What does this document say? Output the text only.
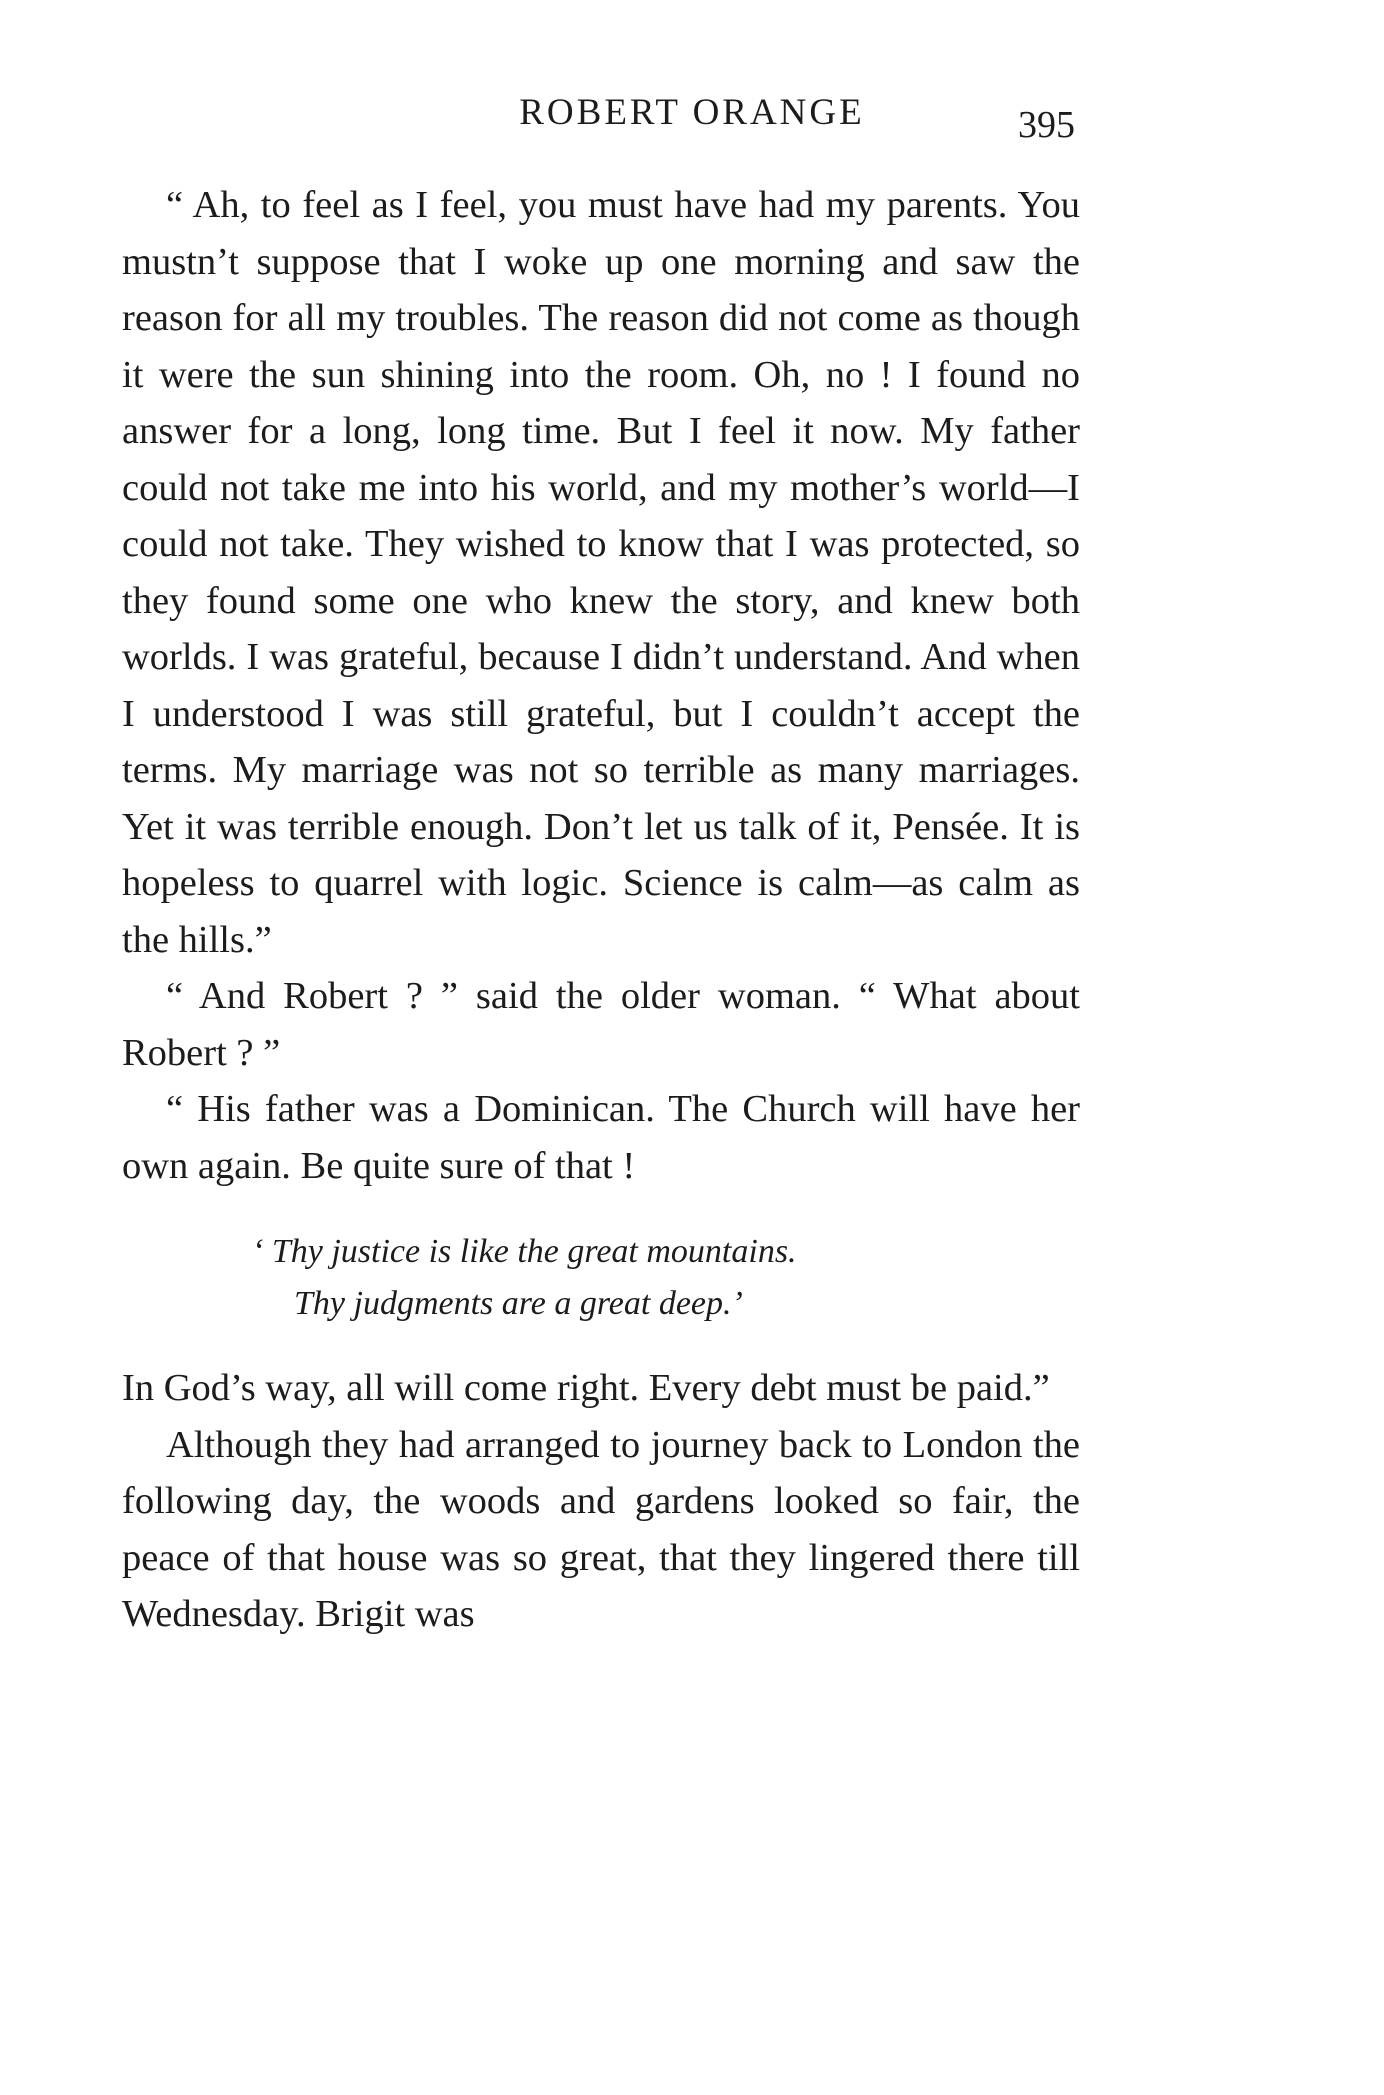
ROBERT ORANGE	395

“ Ah, to feel as I feel, you must have had my parents. You mustn’t suppose that I woke up one morning and saw the reason for all my troubles. The reason did not come as though it were the sun shining into the room. Oh, no ! I found no answer for a long, long time. But I feel it now. My father could not take me into his world, and my mother’s world—I could not take. They wished to know that I was protected, so they found some one who knew the story, and knew both worlds. I was grateful, because I didn’t understand. And when I understood I was still grateful, but I couldn’t accept the terms. My marriage was not so terrible as many marriages. Yet it was terrible enough. Don’t let us talk of it, Pensée. It is hopeless to quarrel with logic. Science is calm—as calm as the hills.”

“ And Robert ? ” said the older woman. “ What about Robert ? ”

“ His father was a Dominican. The Church will have her own again. Be quite sure of that !

‘ Thy justice is like the great mountains.
Thy judgments are a great deep.’

In God’s way, all will come right. Every debt must be paid.”

Although they had arranged to journey back to London the following day, the woods and gardens looked so fair, the peace of that house was so great, that they lingered there till Wednesday. Brigit was
